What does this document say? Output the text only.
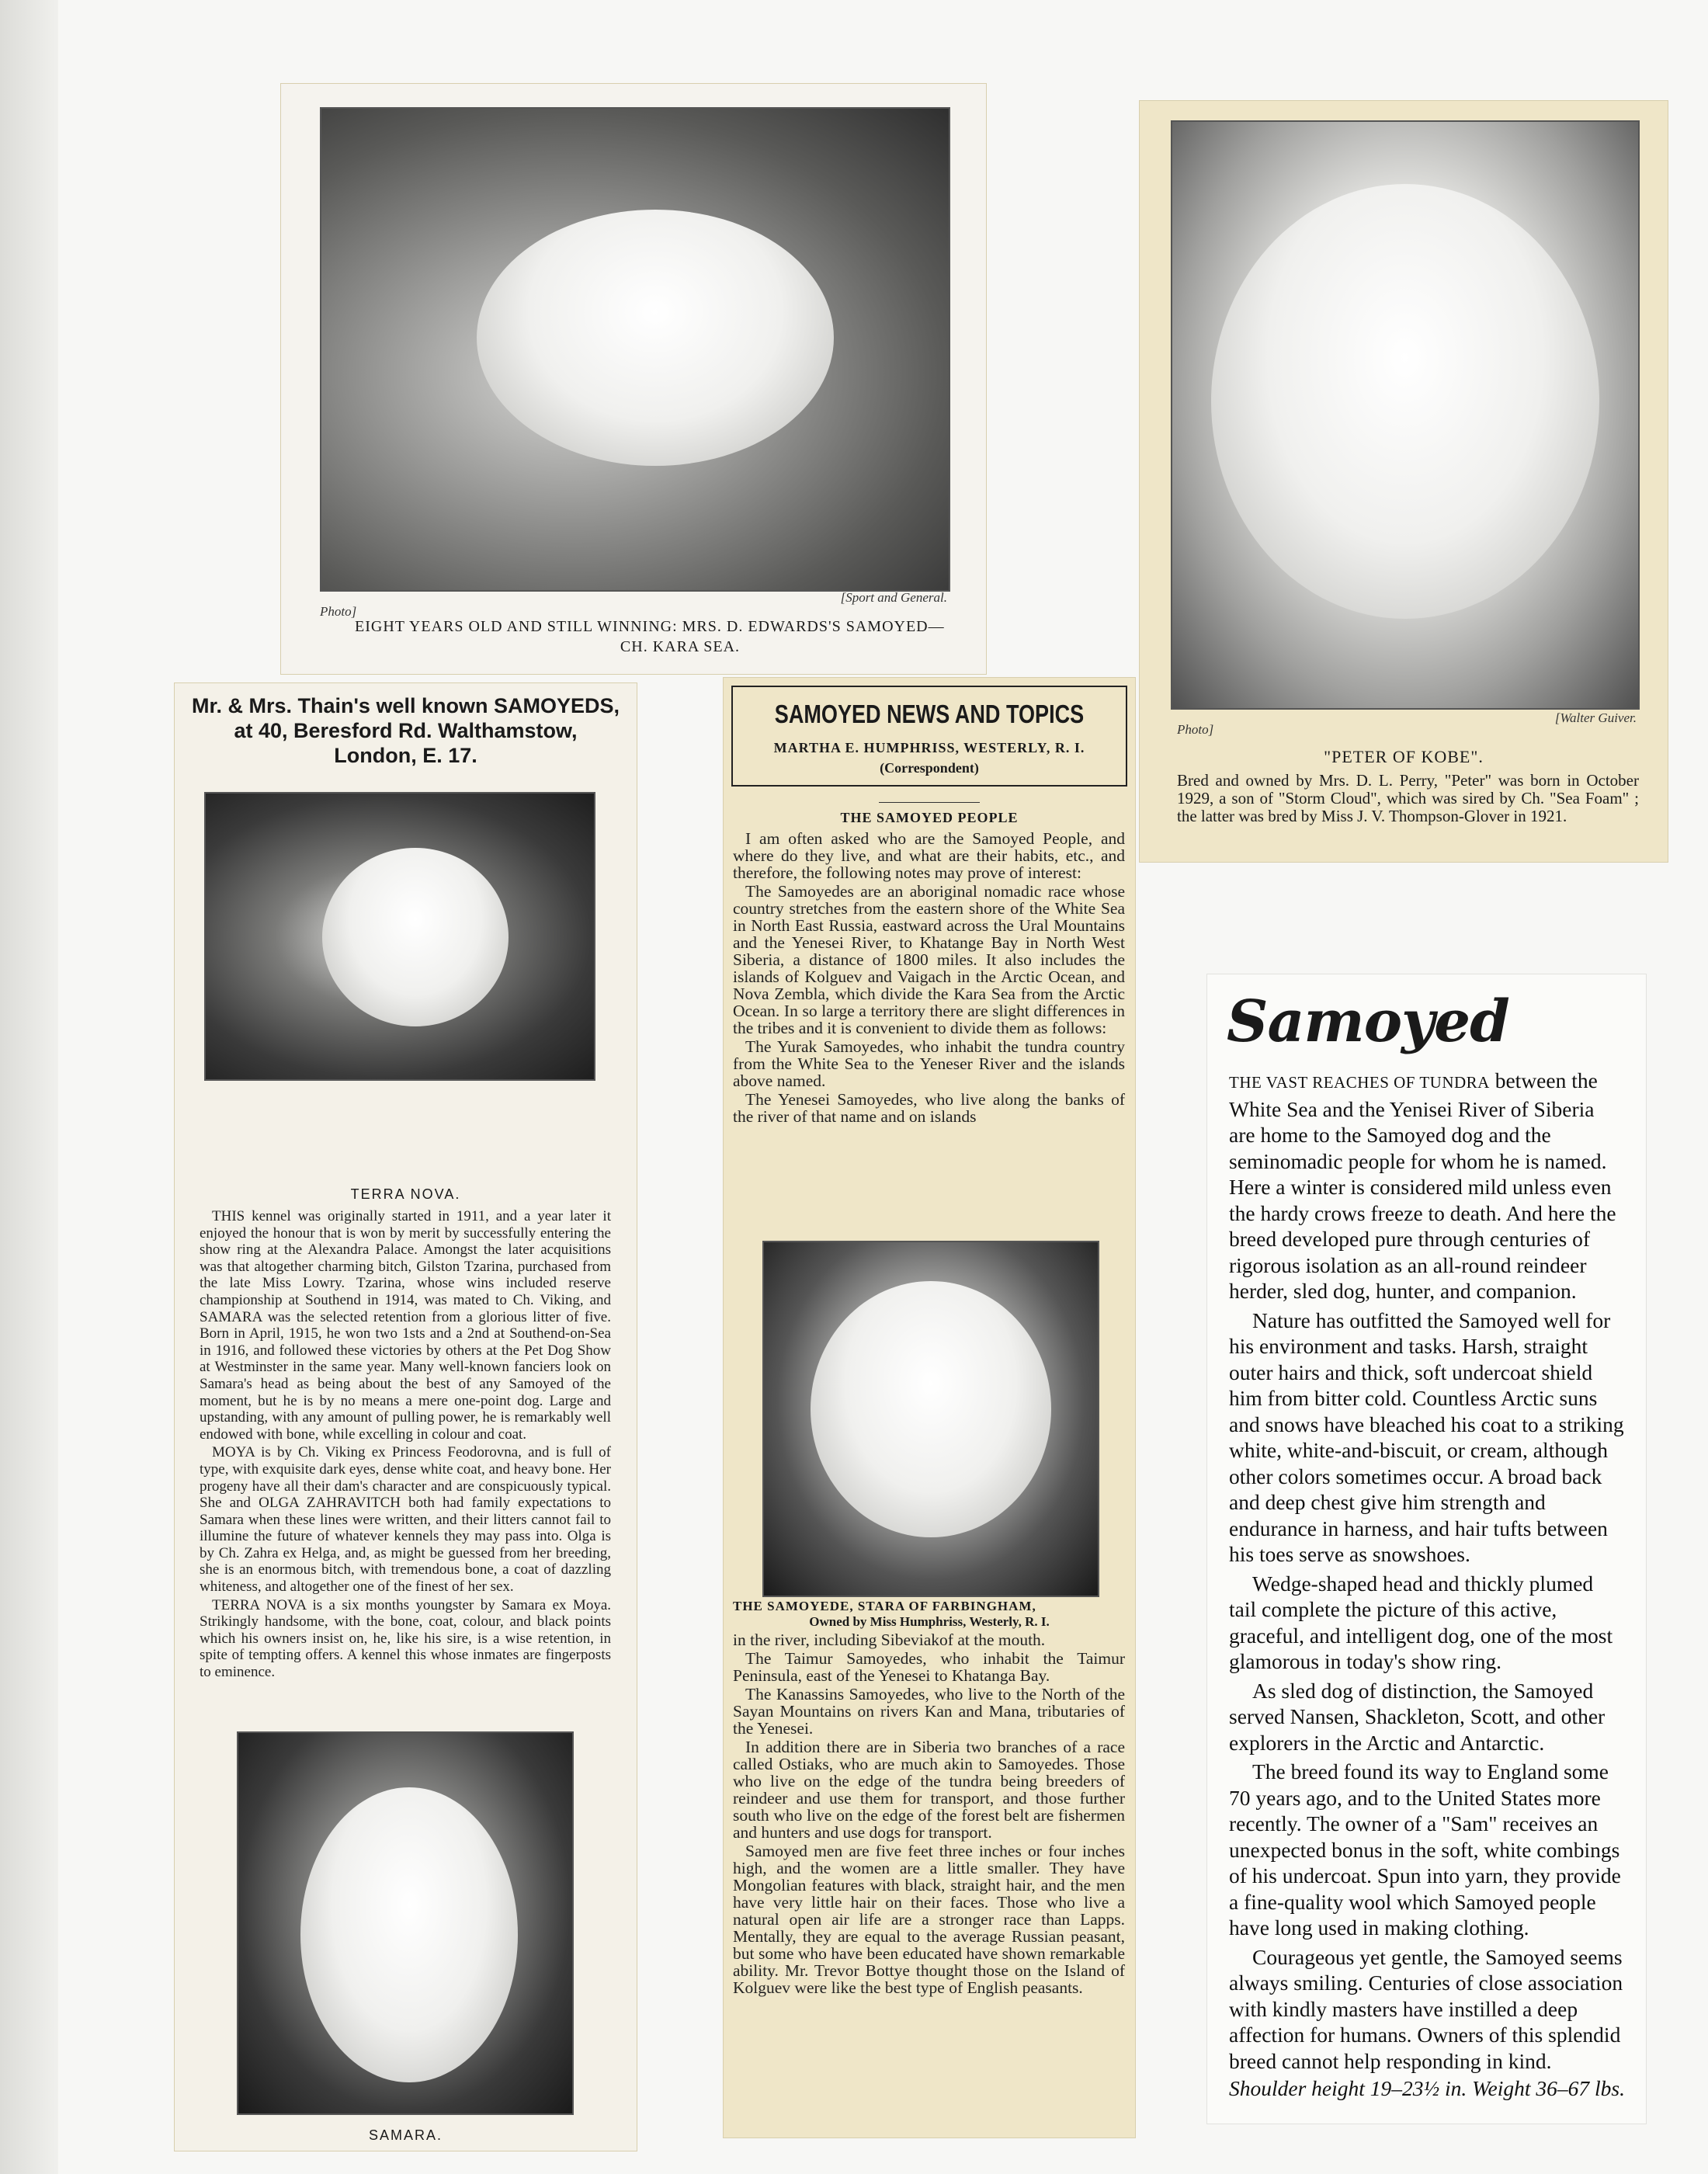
Photo]
[Sport and General.
EIGHT YEARS OLD AND STILL WINNING: MRS. D. EDWARDS'S SAMOYED—
CH. KARA SEA.
Photo]
[Walter Guiver.
"PETER OF KOBE".
Bred and owned by Mrs. D. L. Perry, "Peter" was born in October 1929, a son of "Storm Cloud", which was sired by Ch. "Sea Foam" ; the latter was bred by Miss J. V. Thompson-Glover in 1921.
Mr. & Mrs. Thain's well known SAMOYEDS,
at 40, Beresford Rd. Walthamstow,
London, E. 17.
TERRA NOVA.

THIS kennel was originally started in 1911, and a year later it enjoyed the honour that is won by merit by successfully entering the show ring at the Alexandra Palace. Amongst the later acquisitions was that altogether charming bitch, Gilston Tzarina, purchased from the late Miss Lowry. Tzarina, whose wins included reserve championship at Southend in 1914, was mated to Ch. Viking, and SAMARA was the selected retention from a glorious litter of five. Born in April, 1915, he won two 1sts and a 2nd at Southend-on-Sea in 1916, and followed these victories by others at the Pet Dog Show at Westminster in the same year. Many well-known fanciers look on Samara's head as being about the best of any Samoyed of the moment, but he is by no means a mere one-point dog. Large and upstanding, with any amount of pulling power, he is remarkably well endowed with bone, while excelling in colour and coat.

MOYA is by Ch. Viking ex Princess Feodorovna, and is full of type, with exquisite dark eyes, dense white coat, and heavy bone. Her progeny have all their dam's character and are conspicuously typical. She and OLGA ZAHRAVITCH both had family expectations to Samara when these lines were written, and their litters cannot fail to illumine the future of whatever kennels they may pass into. Olga is by Ch. Zahra ex Helga, and, as might be guessed from her breeding, she is an enormous bitch, with tremendous bone, a coat of dazzling whiteness, and altogether one of the finest of her sex.

TERRA NOVA is a six months youngster by Samara ex Moya. Strikingly handsome, with the bone, coat, colour, and black points which his owners insist on, he, like his sire, is a wise retention, in spite of tempting offers. A kennel this whose inmates are fingerposts to eminence.

SAMARA.
SAMOYED NEWS AND TOPICS
MARTHA E. HUMPHRISS, WESTERLY, R. I.
(Correspondent)
THE SAMOYED PEOPLE

I am often asked who are the Samoyed People, and where do they live, and what are their habits, etc., and therefore, the following notes may prove of interest:

The Samoyedes are an aboriginal nomadic race whose country stretches from the eastern shore of the White Sea in North East Russia, eastward across the Ural Mountains and the Yenesei River, to Khatange Bay in North West Siberia, a distance of 1800 miles. It also includes the islands of Kolguev and Vaigach in the Arctic Ocean, and Nova Zembla, which divide the Kara Sea from the Arctic Ocean. In so large a territory there are slight differences in the tribes and it is convenient to divide them as follows:

The Yurak Samoyedes, who inhabit the tundra country from the White Sea to the Yeneser River and the islands above named.

The Yenesei Samoyedes, who live along the banks of the river of that name and on islands

THE SAMOYEDE, STARA OF FARBINGHAM,
Owned by Miss Humphriss, Westerly, R. I.

in the river, including Sibeviakof at the mouth.

The Taimur Samoyedes, who inhabit the Taimur Peninsula, east of the Yenesei to Khatanga Bay.

The Kanassins Samoyedes, who live to the North of the Sayan Mountains on rivers Kan and Mana, tributaries of the Yenesei.

In addition there are in Siberia two branches of a race called Ostiaks, who are much akin to Samoyedes. Those who live on the edge of the tundra being breeders of reindeer and use them for transport, and those further south who live on the edge of the forest belt are fishermen and hunters and use dogs for transport.

Samoyed men are five feet three inches or four inches high, and the women are a little smaller. They have Mongolian features with black, straight hair, and the men have very little hair on their faces. Those who live a natural open air life are a stronger race than Lapps. Mentally, they are equal to the average Russian peasant, but some who have been educated have shown remarkable ability. Mr. Trevor Bottye thought those on the Island of Kolguev were like the best type of English peasants.

Samoyed

THE VAST REACHES OF TUNDRA between the White Sea and the Yenisei River of Siberia are home to the Samoyed dog and the seminomadic people for whom he is named. Here a winter is considered mild unless even the hardy crows freeze to death. And here the breed developed pure through centuries of rigorous isolation as an all-round reindeer herder, sled dog, hunter, and companion.

Nature has outfitted the Samoyed well for his environment and tasks. Harsh, straight outer hairs and thick, soft undercoat shield him from bitter cold. Countless Arctic suns and snows have bleached his coat to a striking white, white-and-biscuit, or cream, although other colors sometimes occur. A broad back and deep chest give him strength and endurance in harness, and hair tufts between his toes serve as snowshoes.

Wedge-shaped head and thickly plumed tail complete the picture of this active, graceful, and intelligent dog, one of the most glamorous in today's show ring.

As sled dog of distinction, the Samoyed served Nansen, Shackleton, Scott, and other explorers in the Arctic and Antarctic.

The breed found its way to England some 70 years ago, and to the United States more recently. The owner of a "Sam" receives an unexpected bonus in the soft, white combings of his undercoat. Spun into yarn, they provide a fine-quality wool which Samoyed people have long used in making clothing.

Courageous yet gentle, the Samoyed seems always smiling. Centuries of close association with kindly masters have instilled a deep affection for humans. Owners of this splendid breed cannot help responding in kind.

Shoulder height 19–23½ in. Weight 36–67 lbs.
